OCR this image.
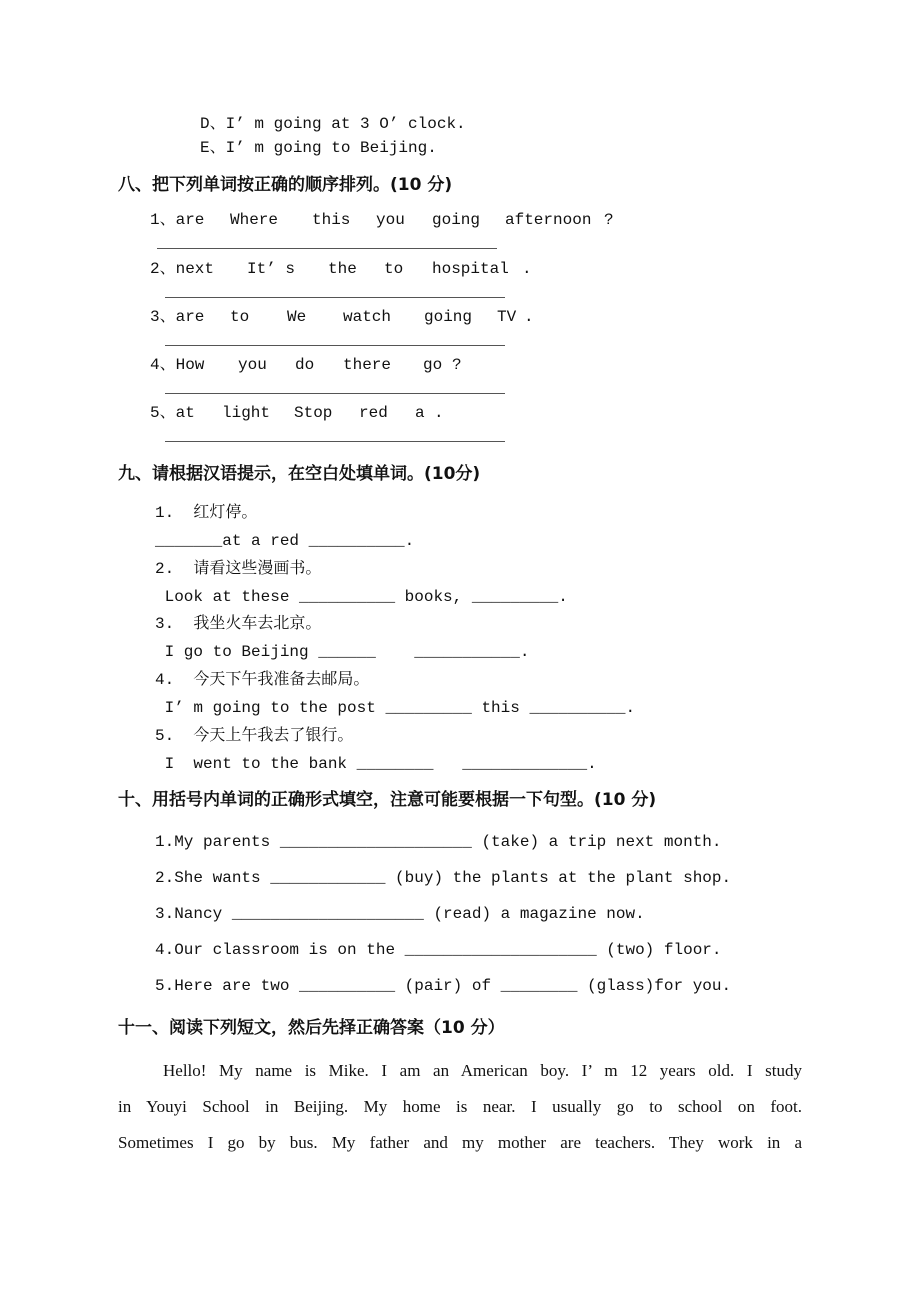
D、I’ m going at 3 O’ clock.
E、I’ m going to Beijing.
八、把下列单词按正确的顺序排列。(10 分)
1、are Where this you going afternoon ?
2、next It’ s the to hospital .
3、are to We watch going TV .
4、How you do there go ?
5、at light Stop red a .
九、请根据汉语提示，在空白处填单词。(10分)
1.  红灯停。
_______at a red __________.
2.  请看这些漫画书。
Look at these __________ books, _________.
3.  我坐火车去北京。
I go to Beijing ______    ___________.
4.  今天下午我准备去邮局。
I’ m going to the post _________ this __________.
5.  今天上午我去了银行。
I  went to the bank ________   _____________.
十、用括号内单词的正确形式填空，注意可能要根据一下句型。(10 分)
1.My parents ____________________ (take) a trip next month.
2.She wants ____________ (buy) the plants at the plant shop.
3.Nancy ____________________ (read) a magazine now.
4.Our classroom is on the ____________________ (two) floor.
5.Here are two __________ (pair) of ________ (glass)for you.
十一、阅读下列短文，然后先择正确答案（10 分）
Hello! My name is Mike. I am an American boy. I’ m 12 years old. I study
in Youyi School in Beijing. My home is near. I usually go to school on foot.
Sometimes I go by bus. My father and my mother are teachers. They work in a
